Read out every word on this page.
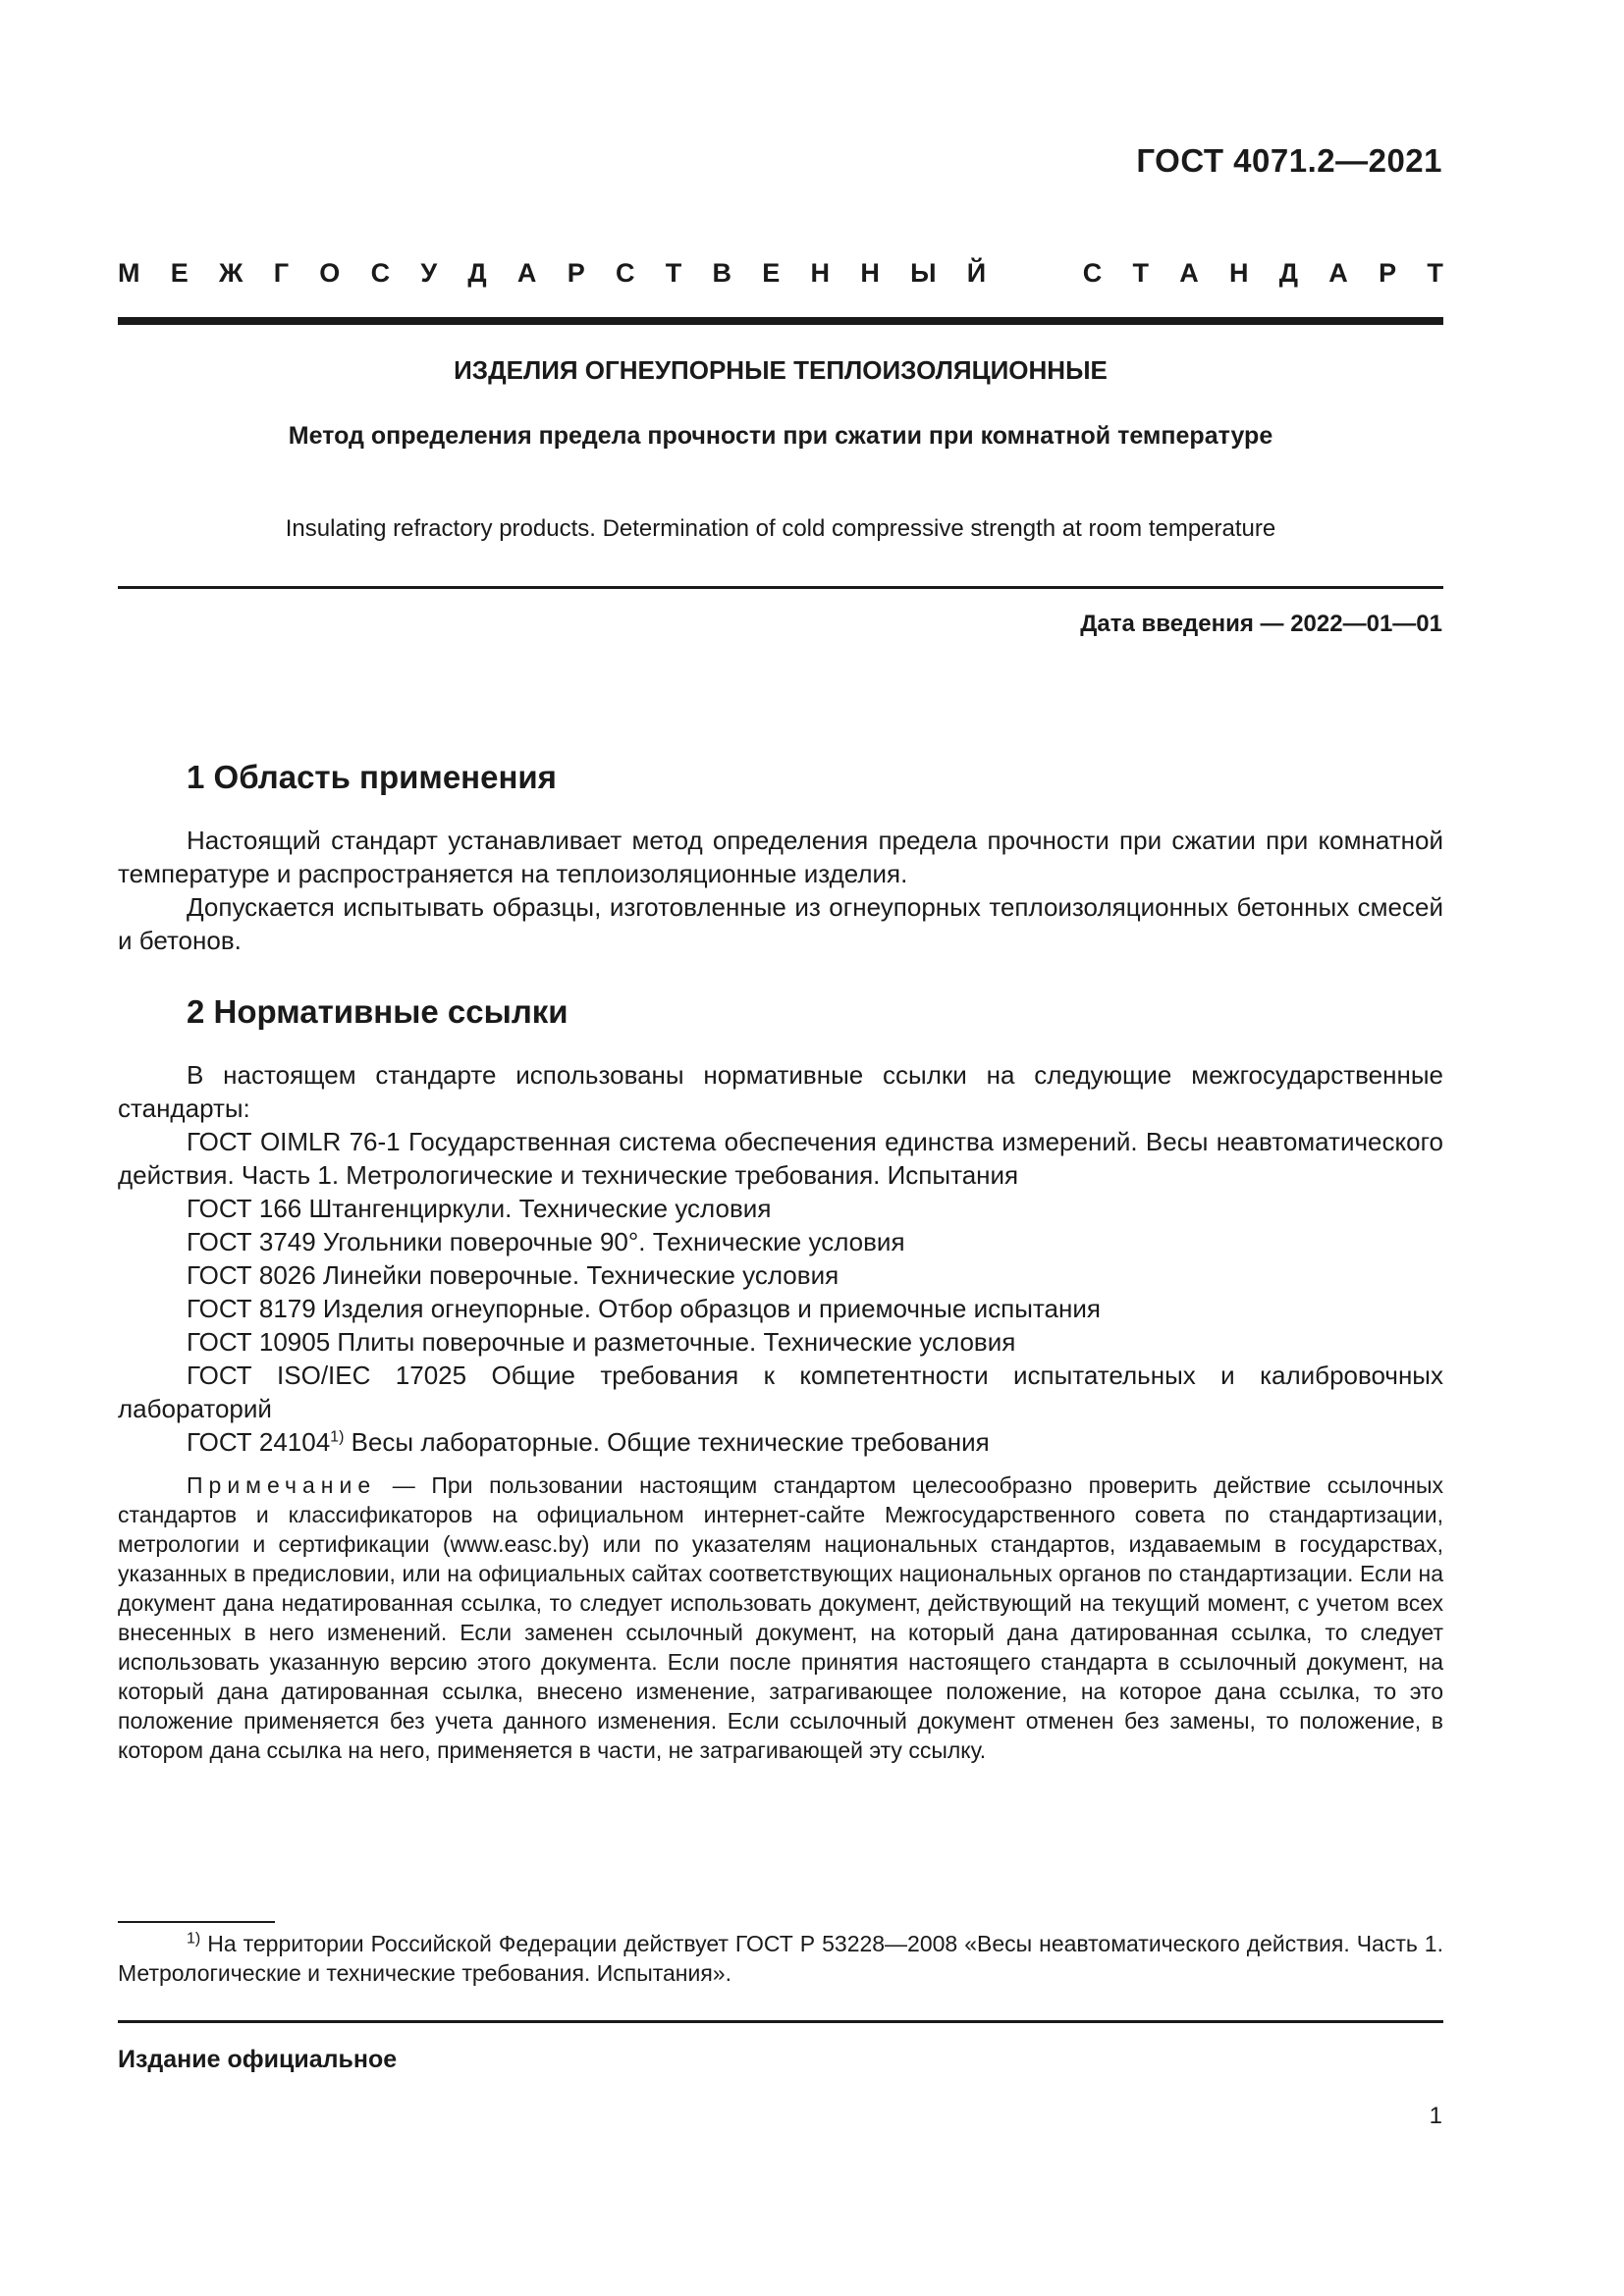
ГОСТ 4071.2—2021
М Е Ж Г О С У Д А Р С Т В Е Н Н Ы Й	С Т А Н Д А Р Т
ИЗДЕЛИЯ ОГНЕУПОРНЫЕ ТЕПЛОИЗОЛЯЦИОННЫЕ
Метод определения предела прочности при сжатии при комнатной температуре
Insulating refractory products. Determination of cold compressive strength at room temperature
Дата введения — 2022—01—01
1 Область применения

Настоящий стандарт устанавливает метод определения предела прочности при сжатии при комнатной температуре и распространяется на теплоизоляционные изделия.

Допускается испытывать образцы, изготовленные из огнеупорных теплоизоляционных бетонных смесей и бетонов.

2 Нормативные ссылки

В настоящем стандарте использованы нормативные ссылки на следующие межгосударственные стандарты:

ГОСТ OIMLR 76-1 Государственная система обеспечения единства измерений. Весы неавтоматического действия. Часть 1. Метрологические и технические требования. Испытания

ГОСТ 166 Штангенциркули. Технические условия

ГОСТ 3749 Угольники поверочные 90°. Технические условия

ГОСТ 8026 Линейки поверочные. Технические условия

ГОСТ 8179 Изделия огнеупорные. Отбор образцов и приемочные испытания

ГОСТ 10905 Плиты поверочные и разметочные. Технические условия

ГОСТ ISO/IEC 17025 Общие требования к компетентности испытательных и калибровочных лабораторий

ГОСТ 24104$^{1)}$ Весы лабораторные. Общие технические требования

Примечание — При пользовании настоящим стандартом целесообразно проверить действие ссылочных стандартов и классификаторов на официальном интернет-сайте Межгосударственного совета по стандартизации, метрологии и сертификации (www.easc.by) или по указателям национальных стандартов, издаваемым в государствах, указанных в предисловии, или на официальных сайтах соответствующих национальных органов по стандартизации. Если на документ дана недатированная ссылка, то следует использовать документ, действующий на текущий момент, с учетом всех внесенных в него изменений. Если заменен ссылочный документ, на который дана датированная ссылка, то следует использовать указанную версию этого документа. Если после принятия настоящего стандарта в ссылочный документ, на который дана датированная ссылка, внесено изменение, затрагивающее положение, на которое дана ссылка, то это положение применяется без учета данного изменения. Если ссылочный документ отменен без замены, то положение, в котором дана ссылка на него, применяется в части, не затрагивающей эту ссылку.

$^{1)}$ На территории Российской Федерации действует ГОСТ Р 53228—2008 «Весы неавтоматического действия. Часть 1. Метрологические и технические требования. Испытания».

Издание официальное
1
